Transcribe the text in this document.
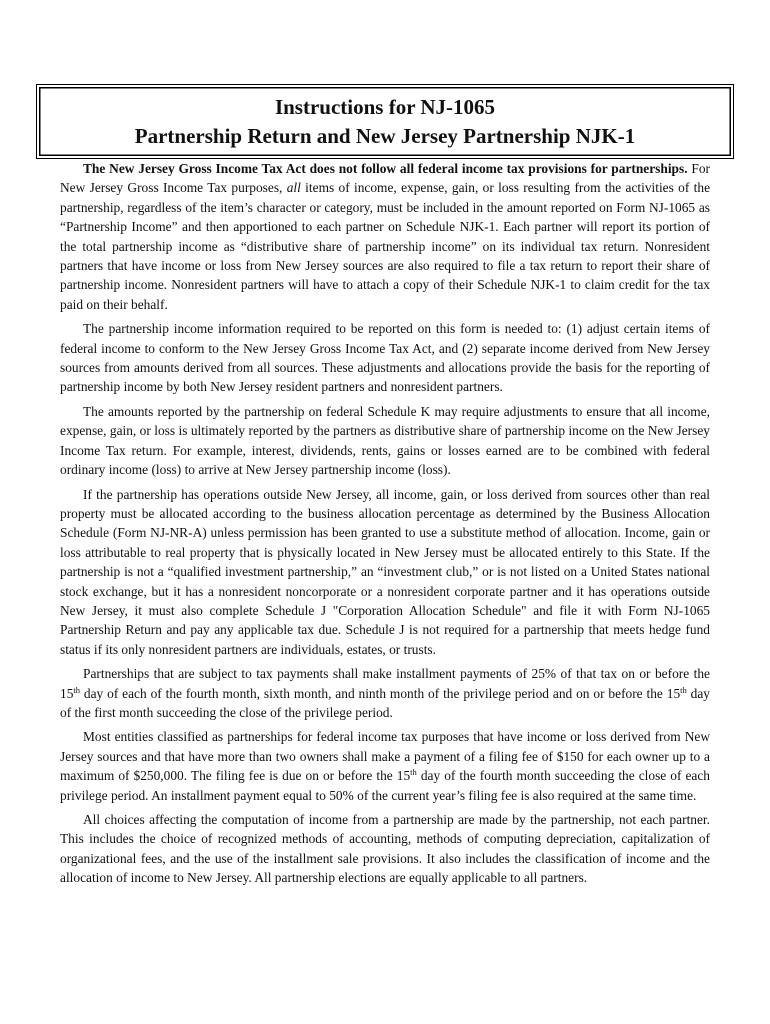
Instructions for NJ-1065
Partnership Return and New Jersey Partnership NJK-1

The New Jersey Gross Income Tax Act does not follow all federal income tax provisions for partnerships. For New Jersey Gross Income Tax purposes, all items of income, expense, gain, or loss resulting from the activities of the partnership, regardless of the item’s character or category, must be included in the amount reported on Form NJ-1065 as “Partnership Income” and then apportioned to each partner on Schedule NJK-1. Each partner will report its portion of the total partnership income as “distributive share of partnership income” on its individual tax return. Nonresident partners that have income or loss from New Jersey sources are also required to file a tax return to report their share of partnership income. Nonresident partners will have to attach a copy of their Schedule NJK-1 to claim credit for the tax paid on their behalf.

The partnership income information required to be reported on this form is needed to: (1) adjust certain items of federal income to conform to the New Jersey Gross Income Tax Act, and (2) separate income derived from New Jersey sources from amounts derived from all sources. These adjustments and allocations provide the basis for the reporting of partnership income by both New Jersey resident partners and nonresident partners.

The amounts reported by the partnership on federal Schedule K may require adjustments to ensure that all income, expense, gain, or loss is ultimately reported by the partners as distributive share of partnership income on the New Jersey Income Tax return. For example, interest, dividends, rents, gains or losses earned are to be combined with federal ordinary income (loss) to arrive at New Jersey partnership income (loss).

If the partnership has operations outside New Jersey, all income, gain, or loss derived from sources other than real property must be allocated according to the business allocation percentage as determined by the Business Allocation Schedule (Form NJ-NR-A) unless permission has been granted to use a substitute method of allocation. Income, gain or loss attributable to real property that is physically located in New Jersey must be allocated entirely to this State. If the partnership is not a “qualified investment partnership,” an “investment club,” or is not listed on a United States national stock exchange, but it has a nonresident noncorporate or a nonresident corporate partner and it has operations outside New Jersey, it must also complete Schedule J "Corporation Allocation Schedule" and file it with Form NJ-1065 Partnership Return and pay any applicable tax due. Schedule J is not required for a partnership that meets hedge fund status if its only nonresident partners are individuals, estates, or trusts.

Partnerships that are subject to tax payments shall make installment payments of 25% of that tax on or before the 15th day of each of the fourth month, sixth month, and ninth month of the privilege period and on or before the 15th day of the first month succeeding the close of the privilege period.

Most entities classified as partnerships for federal income tax purposes that have income or loss derived from New Jersey sources and that have more than two owners shall make a payment of a filing fee of $150 for each owner up to a maximum of $250,000. The filing fee is due on or before the 15th day of the fourth month succeeding the close of each privilege period. An installment payment equal to 50% of the current year’s filing fee is also required at the same time.

All choices affecting the computation of income from a partnership are made by the partnership, not each partner. This includes the choice of recognized methods of accounting, methods of computing depreciation, capitalization of organizational fees, and the use of the installment sale provisions. It also includes the classification of income and the allocation of income to New Jersey. All partnership elections are equally applicable to all partners.
